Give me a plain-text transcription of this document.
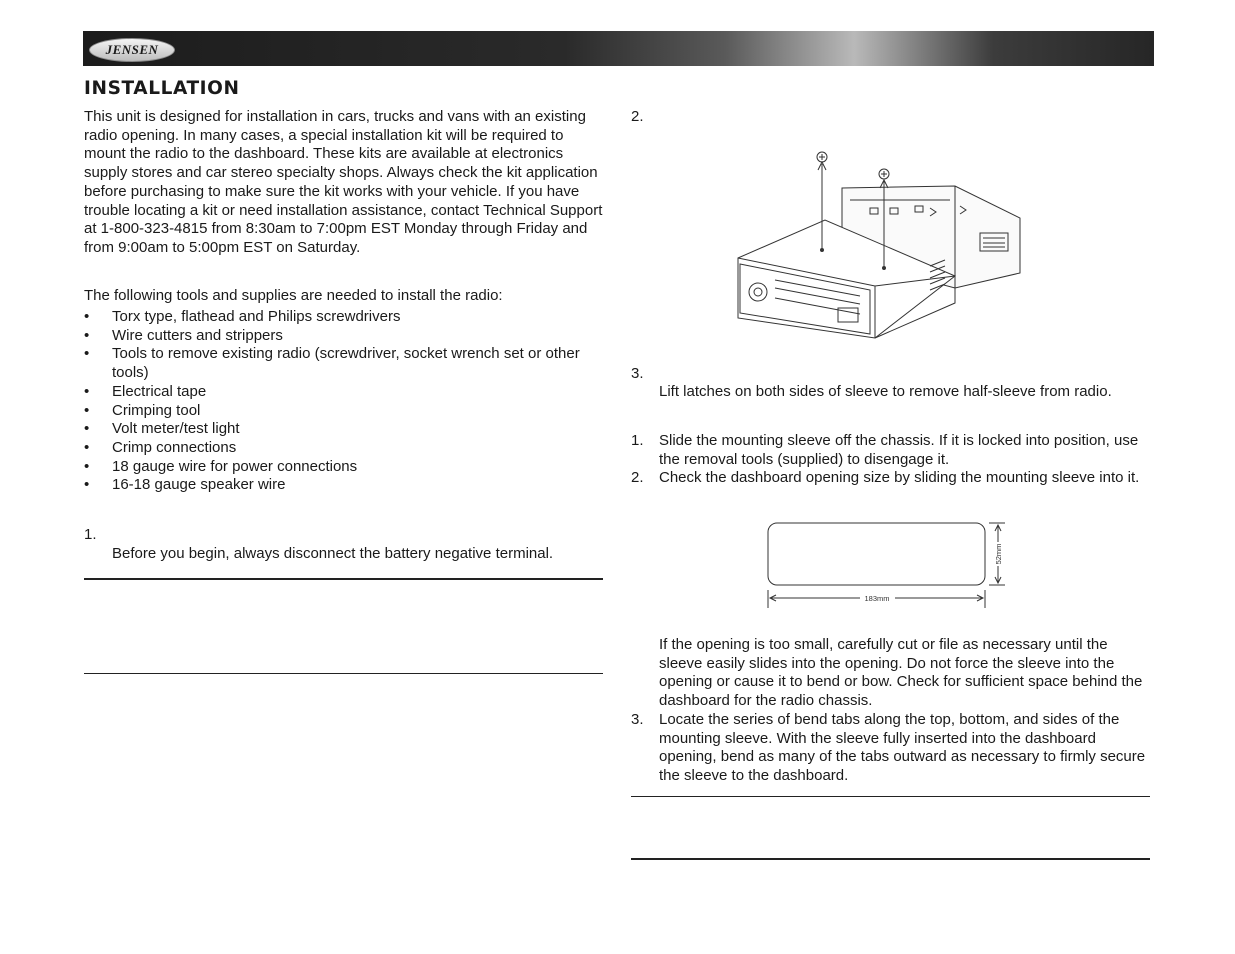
JENSEN
INSTALLATION

This unit is designed for installation in cars, trucks and vans with an existing radio opening. In many cases, a special installation kit will be required to mount the radio to the dashboard. These kits are available at electronics supply stores and car stereo specialty shops. Always check the kit application before purchasing to make sure the kit works with your vehicle. If you have trouble locating a kit or need installation assistance, contact Technical Support at 1-800-323-4815 from 8:30am to 7:00pm EST Monday through Friday and from 9:00am to 5:00pm EST on Saturday.

The following tools and supplies are needed to install the radio:

• Torx type, flathead and Philips screwdrivers
• Wire cutters and strippers
• Tools to remove existing radio (screwdriver, socket wrench set or other tools)
• Electrical tape
• Crimping tool
• Volt meter/test light
• Crimp connections
• 18 gauge wire for power connections
• 16-18 gauge speaker wire
1.
Before you begin, always disconnect the battery negative terminal.
2.
3.
Lift latches on both sides of sleeve to remove half-sleeve from radio.
1. Slide the mounting sleeve off the chassis. If it is locked into position, use the removal tools (supplied) to disengage it.
2. Check the dashboard opening size by sliding the mounting sleeve into it.
183mm
52mm
If the opening is too small, carefully cut or file as necessary until the sleeve easily slides into the opening. Do not force the sleeve into the opening or cause it to bend or bow. Check for sufficient space behind the dashboard for the radio chassis.
3. Locate the series of bend tabs along the top, bottom, and sides of the mounting sleeve. With the sleeve fully inserted into the dashboard opening, bend as many of the tabs outward as necessary to firmly secure the sleeve to the dashboard.
